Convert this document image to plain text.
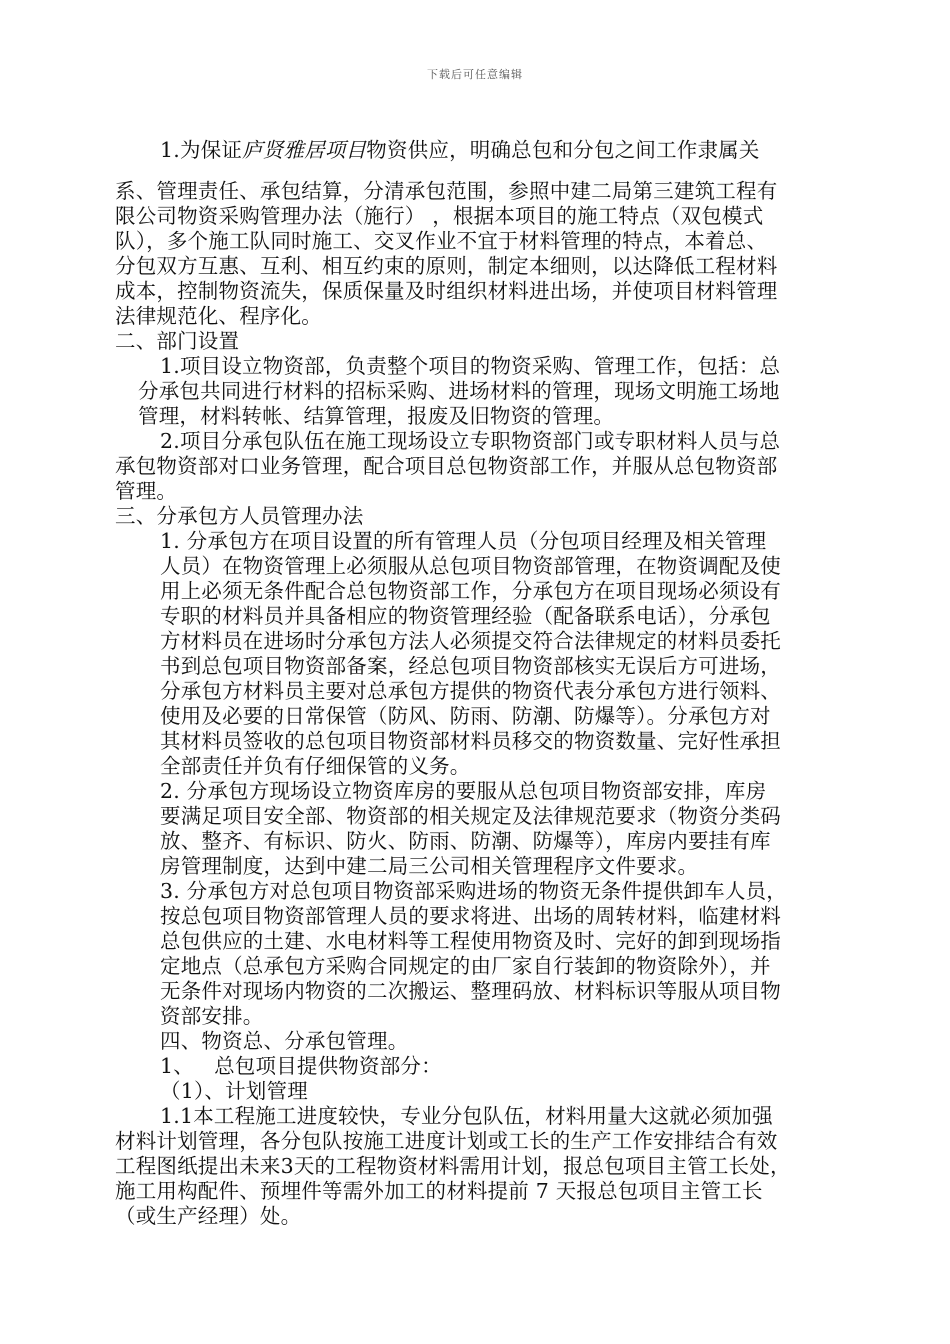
下载后可任意编辑
1.为保证庐贤雅居项目物资供应，明确总包和分包之间工作隶属关
系、管理责任、承包结算，分清承包范围，参照中建二局第三建筑工程有
限公司物资采购管理办法（施行） ，根据本项目的施工特点（双包模式
队），多个施工队同时施工、交叉作业不宜于材料管理的特点，本着总、
分包双方互惠、互利、相互约束的原则，制定本细则，以达降低工程材料
成本，控制物资流失，保质保量及时组织材料进出场，并使项目材料管理
法律规范化、程序化。
二、部门设置
1.项目设立物资部，负责整个项目的物资采购、管理工作，包括：总
分承包共同进行材料的招标采购、进场材料的管理，现场文明施工场地
管理，材料转帐、结算管理，报废及旧物资的管理。
2.项目分承包队伍在施工现场设立专职物资部门或专职材料人员与总
承包物资部对口业务管理，配合项目总包物资部工作，并服从总包物资部
管理。
三、分承包方人员管理办法
1. 分承包方在项目设置的所有管理人员（分包项目经理及相关管理
人员）在物资管理上必须服从总包项目物资部管理，在物资调配及使
用上必须无条件配合总包物资部工作，分承包方在项目现场必须设有
专职的材料员并具备相应的物资管理经验（配备联系电话），分承包
方材料员在进场时分承包方法人必须提交符合法律规定的材料员委托
书到总包项目物资部备案，经总包项目物资部核实无误后方可进场，
分承包方材料员主要对总承包方提供的物资代表分承包方进行领料、
使用及必要的日常保管（防风、防雨、防潮、防爆等）。分承包方对
其材料员签收的总包项目物资部材料员移交的物资数量、完好性承担
全部责任并负有仔细保管的义务。
2. 分承包方现场设立物资库房的要服从总包项目物资部安排，库房
要满足项目安全部、物资部的相关规定及法律规范要求（物资分类码
放、整齐、有标识、防火、防雨、防潮、防爆等），库房内要挂有库
房管理制度，达到中建二局三公司相关管理程序文件要求。
3. 分承包方对总包项目物资部采购进场的物资无条件提供卸车人员，
按总包项目物资部管理人员的要求将进、出场的周转材料，临建材料
总包供应的土建、水电材料等工程使用物资及时、完好的卸到现场指
定地点（总承包方采购合同规定的由厂家自行装卸的物资除外），并
无条件对现场内物资的二次搬运、整理码放、材料标识等服从项目物
资部安排。
四、物资总、分承包管理。
1、   总包项目提供物资部分：
（1）、计划管理
1.1本工程施工进度较快，专业分包队伍，材料用量大这就必须加强
材料计划管理，各分包队按施工进度计划或工长的生产工作安排结合有效
工程图纸提出未来3天的工程物资材料需用计划，报总包项目主管工长处，
施工用构配件、预埋件等需外加工的材料提前 7 天报总包项目主管工长
（或生产经理）处。
